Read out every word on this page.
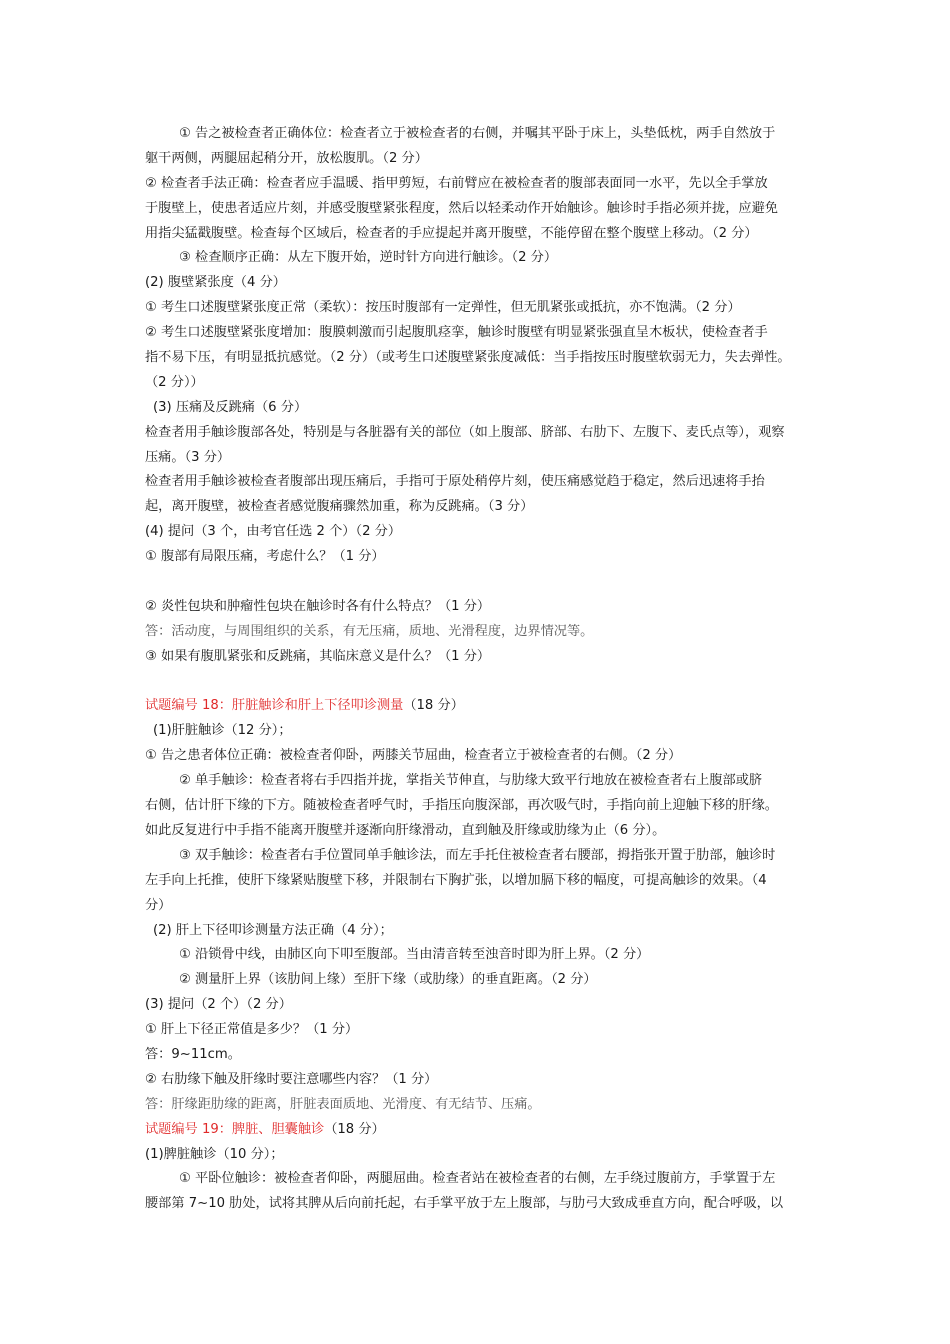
① 告之被检查者正确体位：检查者立于被检查者的右侧，并嘱其平卧于床上，头垫低枕，两手自然放于
躯干两侧，两腿屈起稍分开，放松腹肌。（2 分）
② 检查者手法正确：检查者应手温暖、指甲剪短，右前臂应在被检查者的腹部表面同一水平，先以全手掌放
于腹壁上，使患者适应片刻，并感受腹壁紧张程度，然后以轻柔动作开始触诊。触诊时手指必须并拢，应避免
用指尖猛戳腹壁。检查每个区域后，检查者的手应提起并离开腹壁，不能停留在整个腹壁上移动。（2 分）
③ 检查顺序正确：从左下腹开始，逆时针方向进行触诊。（2 分）
(2) 腹壁紧张度（4 分）
① 考生口述腹壁紧张度正常（柔软）：按压时腹部有一定弹性，但无肌紧张或抵抗，亦不饱满。（2 分）
② 考生口述腹壁紧张度增加：腹膜刺激而引起腹肌痉挛，触诊时腹壁有明显紧张强直呈木板状，使检查者手
指不易下压，有明显抵抗感觉。（2 分）（或考生口述腹壁紧张度减低：当手指按压时腹壁软弱无力，失去弹性。
（2 分））
(3) 压痛及反跳痛（6 分）
检查者用手触诊腹部各处，特别是与各脏器有关的部位（如上腹部、脐部、右肋下、左腹下、麦氏点等），观察
压痛。（3 分）
检查者用手触诊被检查者腹部出现压痛后，手指可于原处稍停片刻，使压痛感觉趋于稳定，然后迅速将手抬
起，离开腹壁，被检查者感觉腹痛骤然加重，称为反跳痛。（3 分）
(4) 提问（3 个，由考官任选 2 个）（2 分）
① 腹部有局限压痛，考虑什么？（1 分）
② 炎性包块和肿瘤性包块在触诊时各有什么特点？（1 分）
答：活动度，与周围组织的关系，有无压痛，质地、光滑程度，边界情况等。
③ 如果有腹肌紧张和反跳痛，其临床意义是什么？（1 分）
试题编号 18：肝脏触诊和肝上下径叩诊测量（18 分）
(1)肝脏触诊（12 分）；
① 告之患者体位正确：被检查者仰卧，两膝关节屈曲，检查者立于被检查者的右侧。（2 分）
② 单手触诊：检查者将右手四指并拢，掌指关节伸直，与肋缘大致平行地放在被检查者右上腹部或脐
右侧，估计肝下缘的下方。随被检查者呼气时，手指压向腹深部，再次吸气时，手指向前上迎触下移的肝缘。
如此反复进行中手指不能离开腹壁并逐渐向肝缘滑动，直到触及肝缘或肋缘为止（6 分）。
③ 双手触诊：检查者右手位置同单手触诊法，而左手托住被检查者右腰部，拇指张开置于肋部，触诊时
左手向上托推，使肝下缘紧贴腹壁下移，并限制右下胸扩张，以增加膈下移的幅度，可提高触诊的效果。（4
分）
(2) 肝上下径叩诊测量方法正确（4 分）；
① 沿锁骨中线，由肺区向下叩至腹部。当由清音转至浊音时即为肝上界。（2 分）
② 测量肝上界（该肋间上缘）至肝下缘（或肋缘）的垂直距离。（2 分）
(3) 提问（2 个）（2 分）
① 肝上下径正常值是多少？（1 分）
答：9~11cm。
② 右肋缘下触及肝缘时要注意哪些内容？（1 分）
答：肝缘距肋缘的距离，肝脏表面质地、光滑度、有无结节、压痛。
试题编号 19：脾脏、胆囊触诊（18 分）
(1)脾脏触诊（10 分）；
① 平卧位触诊：被检查者仰卧，两腿屈曲。检查者站在被检查者的右侧，左手绕过腹前方，手掌置于左
腰部第 7~10 肋处，试将其脾从后向前托起，右手掌平放于左上腹部，与肋弓大致成垂直方向，配合呼吸，以
